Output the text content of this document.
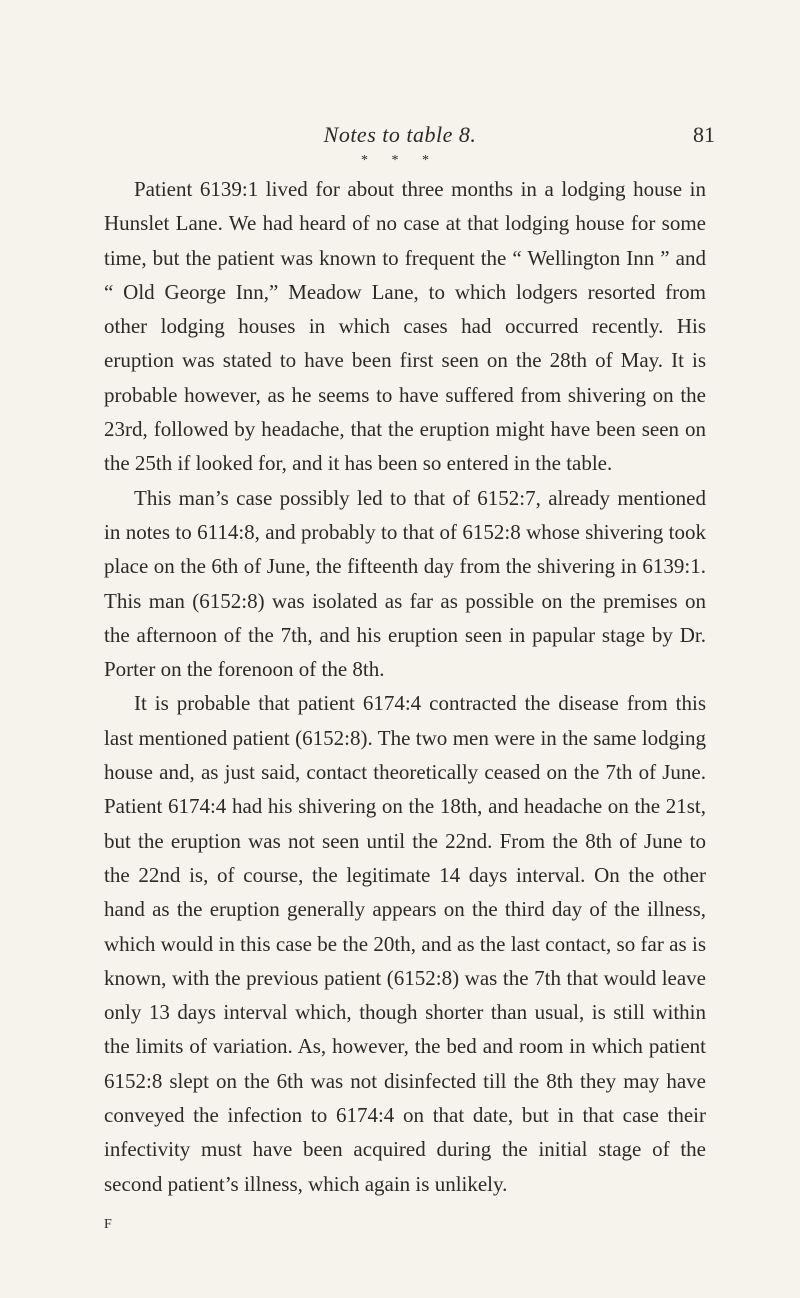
Notes to table 8.	81
* * *

Patient 6139:1 lived for about three months in a lodging house in Hunslet Lane. We had heard of no case at that lodging house for some time, but the patient was known to frequent the “ Wellington Inn ” and “ Old George Inn,” Meadow Lane, to which lodgers resorted from other lodging houses in which cases had occurred recently. His eruption was stated to have been first seen on the 28th of May. It is probable however, as he seems to have suffered from shivering on the 23rd, followed by headache, that the eruption might have been seen on the 25th if looked for, and it has been so entered in the table.

This man’s case possibly led to that of 6152:7, already mentioned in notes to 6114:8, and probably to that of 6152:8 whose shivering took place on the 6th of June, the fifteenth day from the shivering in 6139:1. This man (6152:8) was isolated as far as possible on the premises on the afternoon of the 7th, and his eruption seen in papular stage by Dr. Porter on the forenoon of the 8th.

It is probable that patient 6174:4 contracted the disease from this last mentioned patient (6152:8). The two men were in the same lodging house and, as just said, contact theoretically ceased on the 7th of June. Patient 6174:4 had his shivering on the 18th, and headache on the 21st, but the eruption was not seen until the 22nd. From the 8th of June to the 22nd is, of course, the legitimate 14 days interval. On the other hand as the eruption generally appears on the third day of the illness, which would in this case be the 20th, and as the last contact, so far as is known, with the previous patient (6152:8) was the 7th that would leave only 13 days interval which, though shorter than usual, is still within the limits of variation. As, however, the bed and room in which patient 6152:8 slept on the 6th was not disinfected till the 8th they may have conveyed the infection to 6174:4 on that date, but in that case their infectivity must have been acquired during the initial stage of the second patient’s illness, which again is unlikely.

F
